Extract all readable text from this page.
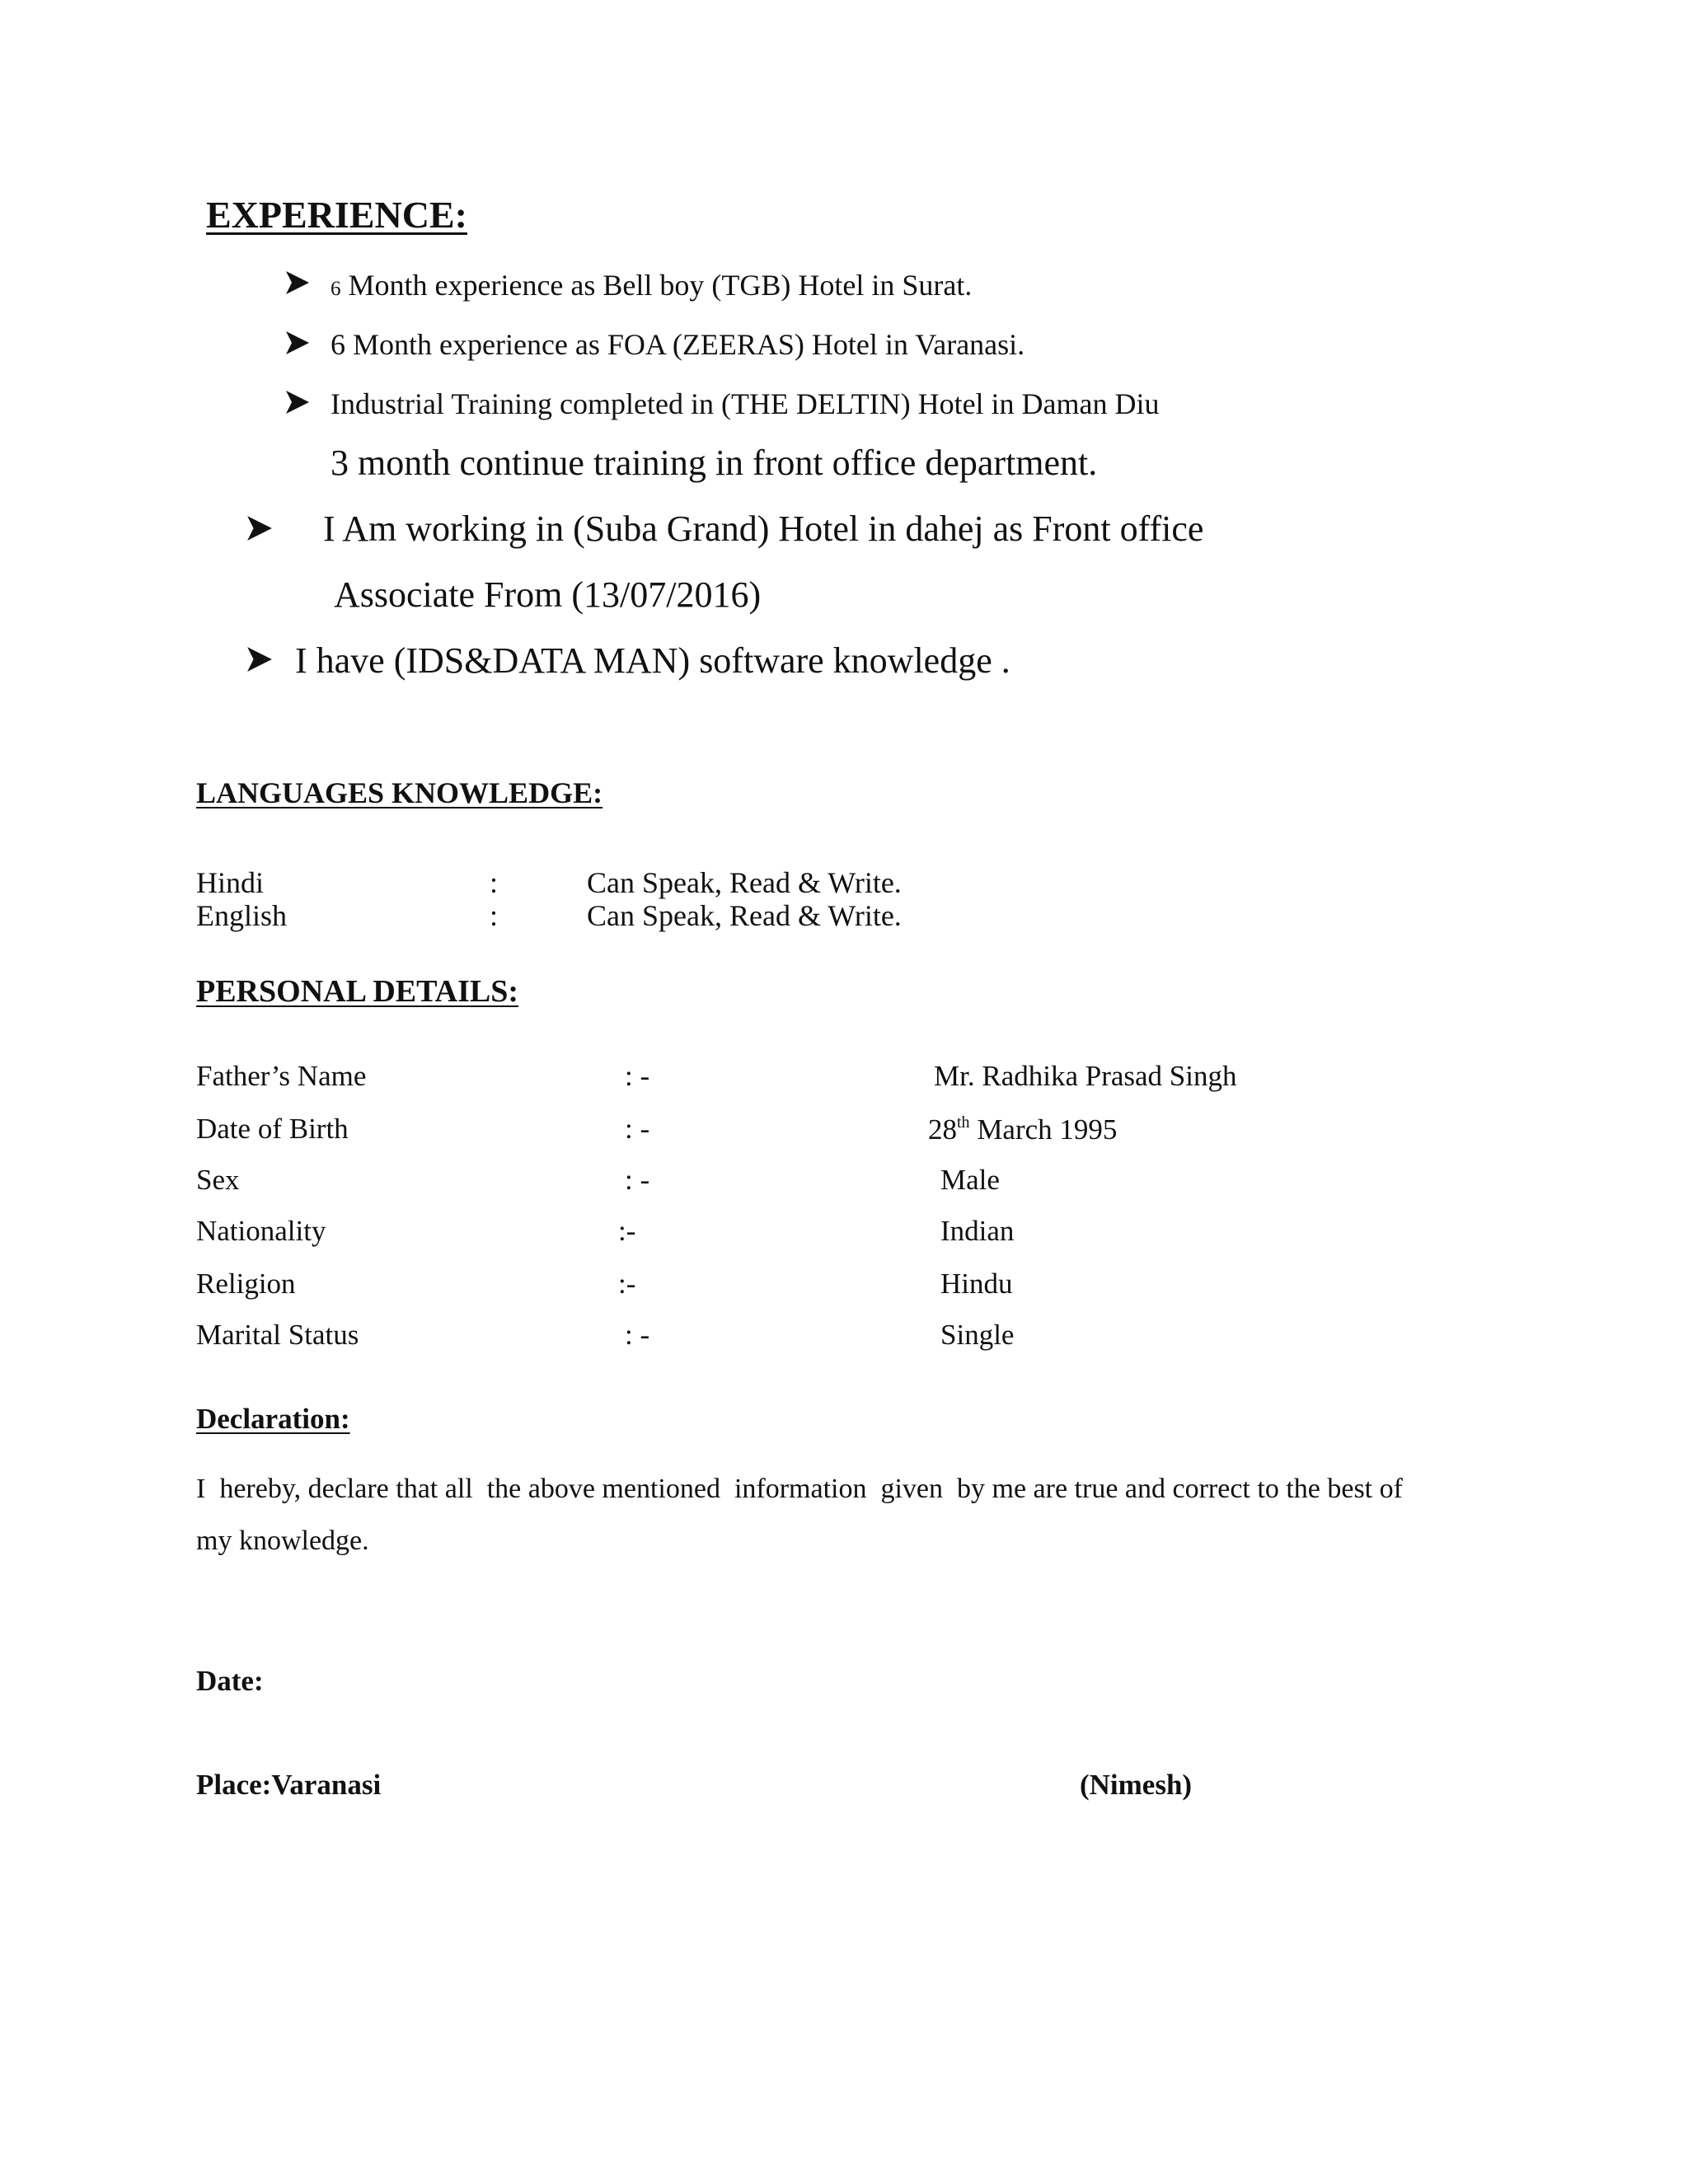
EXPERIENCE:
6 Month experience as Bell boy (TGB) Hotel in Surat.
6 Month experience as FOA (ZEERAS) Hotel in Varanasi.
Industrial Training completed in (THE DELTIN) Hotel in Daman Diu
3 month continue training in front office department.
I Am working in (Suba Grand) Hotel in dahej as Front office
Associate From (13/07/2016)
I have (IDS&DATA MAN) software knowledge .
LANGUAGES KNOWLEDGE:
Hindi	:	Can Speak, Read & Write.
English	:	Can Speak, Read & Write.
PERSONAL DETAILS:
Father’s Name	: -	Mr. Radhika Prasad Singh
Date of Birth	: -	28th March 1995
Sex	: -	Male
Nationality	:-	Indian
Religion	:-	Hindu
Marital Status	: -	Single
Declaration:
I  hereby, declare that all  the above mentioned  information  given  by me are true and correct to the best of
my knowledge.
Date:
Place:Varanasi	(Nimesh)
